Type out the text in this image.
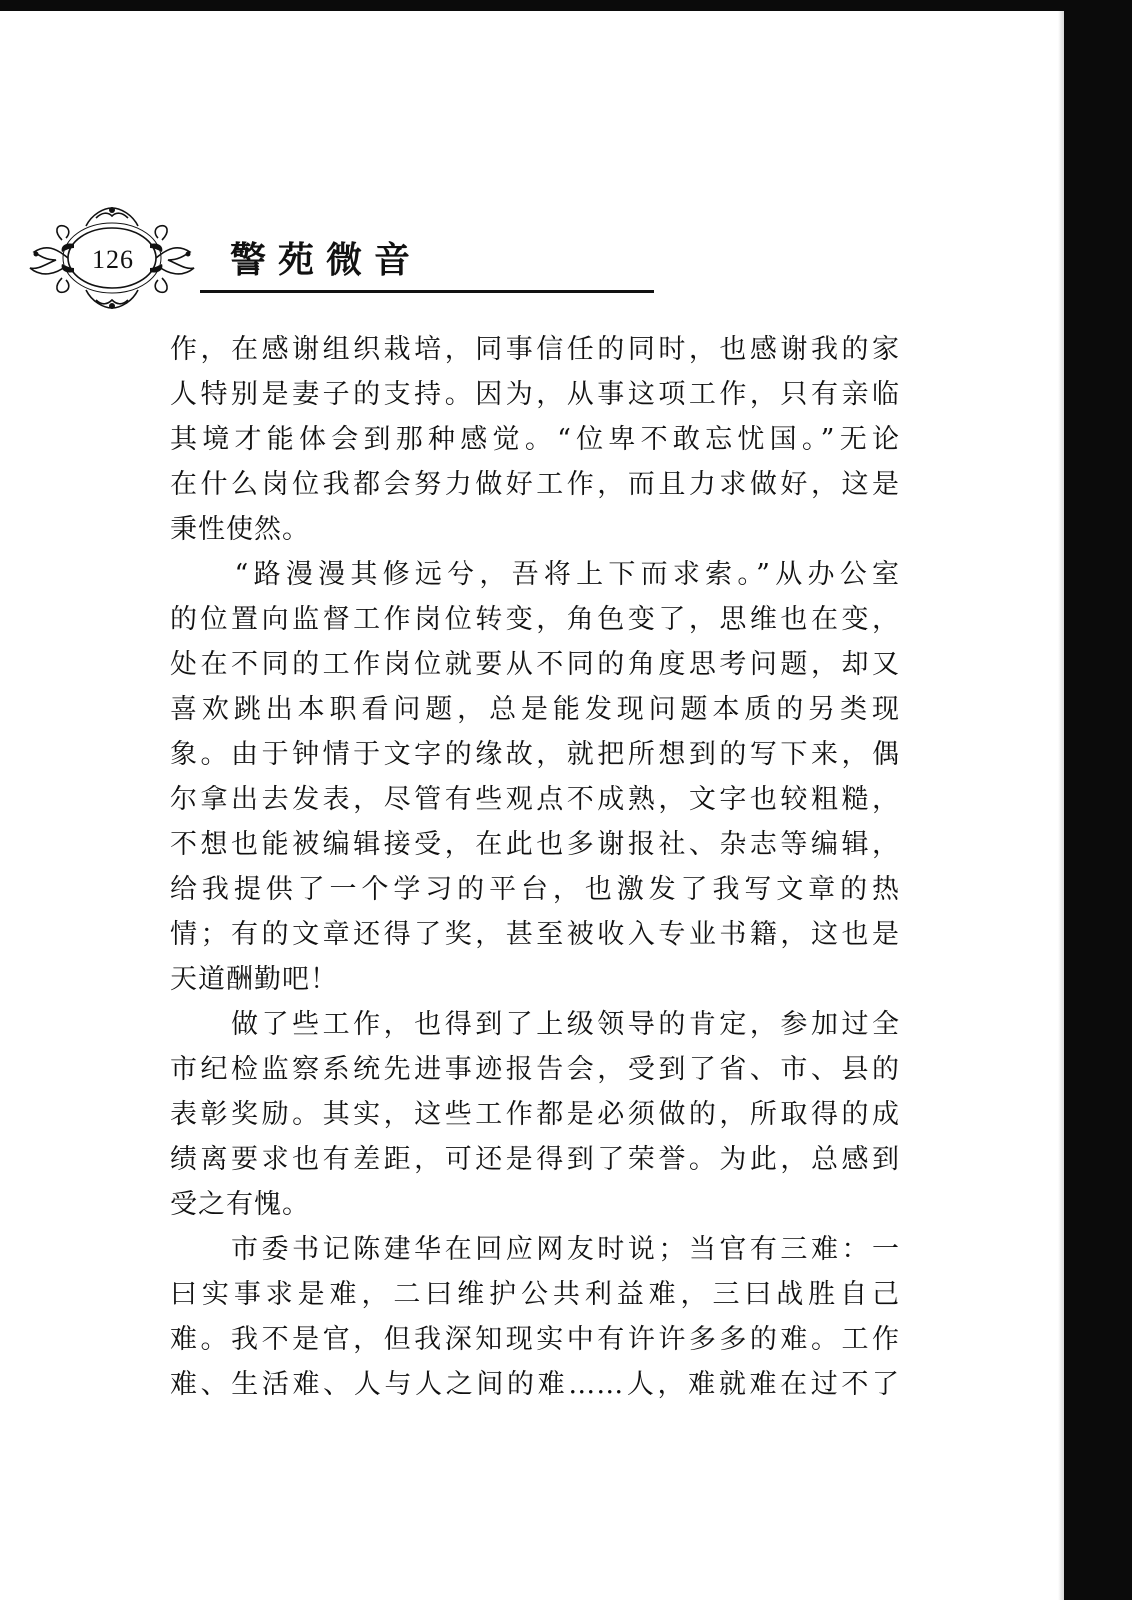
126	警苑微音
作，在感谢组织栽培，同事信任的同时，也感谢我的家
人特别是妻子的支持。因为，从事这项工作，只有亲临
其境才能体会到那种感觉。“位卑不敢忘忧国。”无论
在什么岗位我都会努力做好工作，而且力求做好，这是
秉性使然。
　　“路漫漫其修远兮，吾将上下而求索。”从办公室
的位置向监督工作岗位转变，角色变了，思维也在变，
处在不同的工作岗位就要从不同的角度思考问题，却又
喜欢跳出本职看问题，总是能发现问题本质的另类现
象。由于钟情于文字的缘故，就把所想到的写下来，偶
尔拿出去发表，尽管有些观点不成熟，文字也较粗糙，
不想也能被编辑接受，在此也多谢报社、杂志等编辑，
给我提供了一个学习的平台，也激发了我写文章的热
情；有的文章还得了奖，甚至被收入专业书籍，这也是
天道酬勤吧！
　　做了些工作，也得到了上级领导的肯定，参加过全
市纪检监察系统先进事迹报告会，受到了省、市、县的
表彰奖励。其实，这些工作都是必须做的，所取得的成
绩离要求也有差距，可还是得到了荣誉。为此，总感到
受之有愧。
　　市委书记陈建华在回应网友时说；当官有三难：一
曰实事求是难，二曰维护公共利益难，三曰战胜自己
难。我不是官，但我深知现实中有许许多多的难。工作
难、生活难、人与人之间的难……人，难就难在过不了
